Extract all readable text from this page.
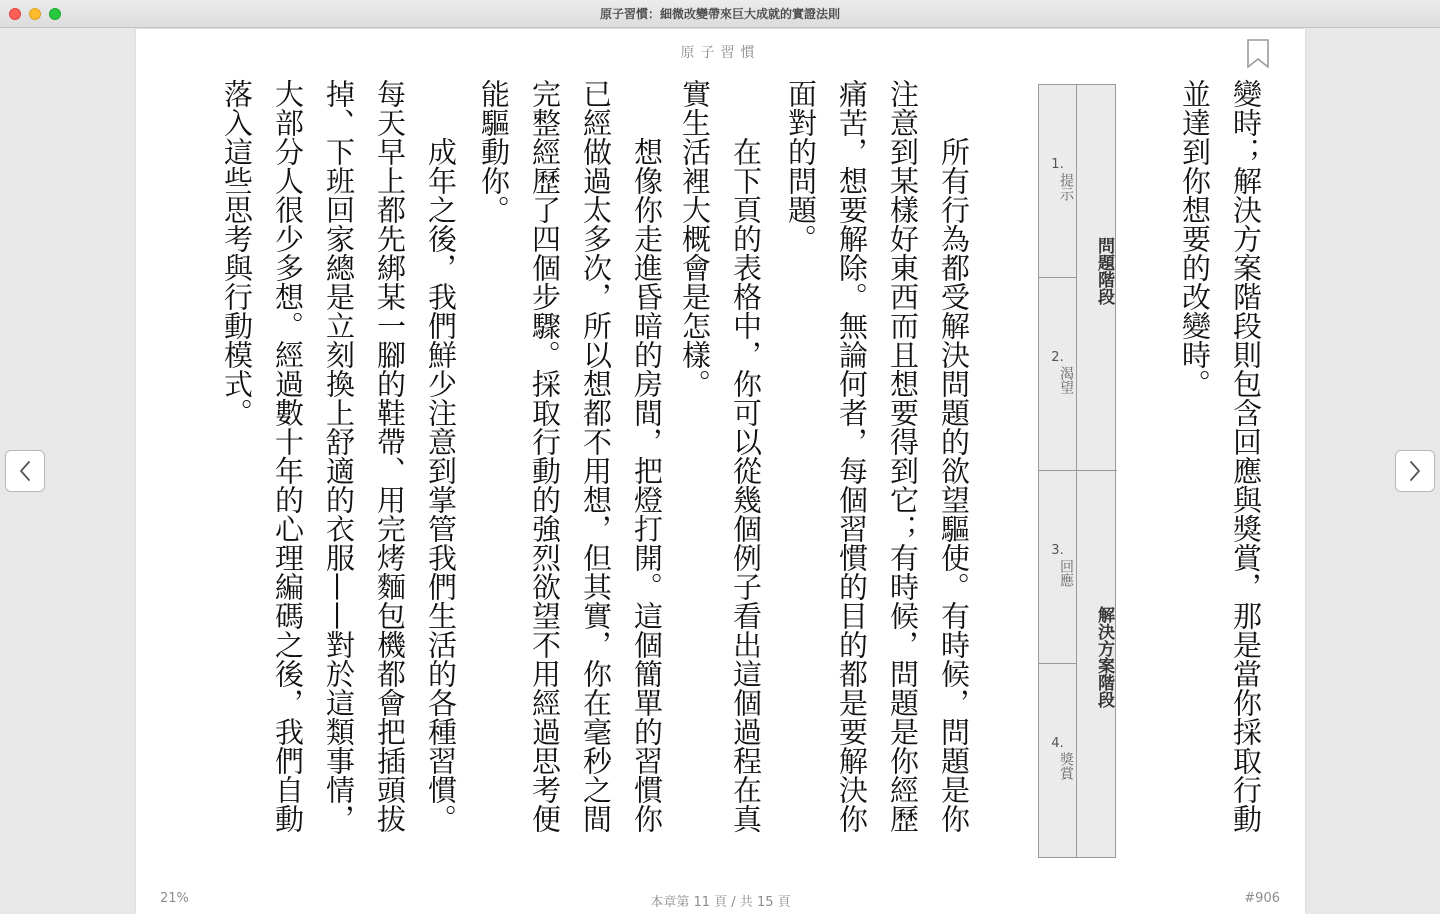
原子習慣：細微改變帶來巨大成就的實證法則
原子習慣
變時；解決方案階段則包含回應與獎賞，那是當你採取行動
並達到你想要的改變時。
1.
提示
2.
渴望
3.
回應
4.
獎賞
問題階段
解決方案階段
所有行為都受解決問題的欲望驅使。有時候，問題是你
注意到某樣好東西而且想要得到它；有時候，問題是你經歷
痛苦，想要解除。無論何者，每個習慣的目的都是要解決你
面對的問題。
在下頁的表格中，你可以從幾個例子看出這個過程在真
實生活裡大概會是怎樣。
想像你走進昏暗的房間，把燈打開。這個簡單的習慣你
已經做過太多次，所以想都不用想，但其實，你在毫秒之間
完整經歷了四個步驟。採取行動的強烈欲望不用經過思考便
能驅動你。
成年之後，我們鮮少注意到掌管我們生活的各種習慣。
每天早上都先綁某一腳的鞋帶、用完烤麵包機都會把插頭拔
掉、下班回家總是立刻換上舒適的衣服——對於這類事情，
大部分人很少多想。經過數十年的心理編碼之後，我們自動
落入這些思考與行動模式。
21%	本章第 11 頁 / 共 15 頁	#906
